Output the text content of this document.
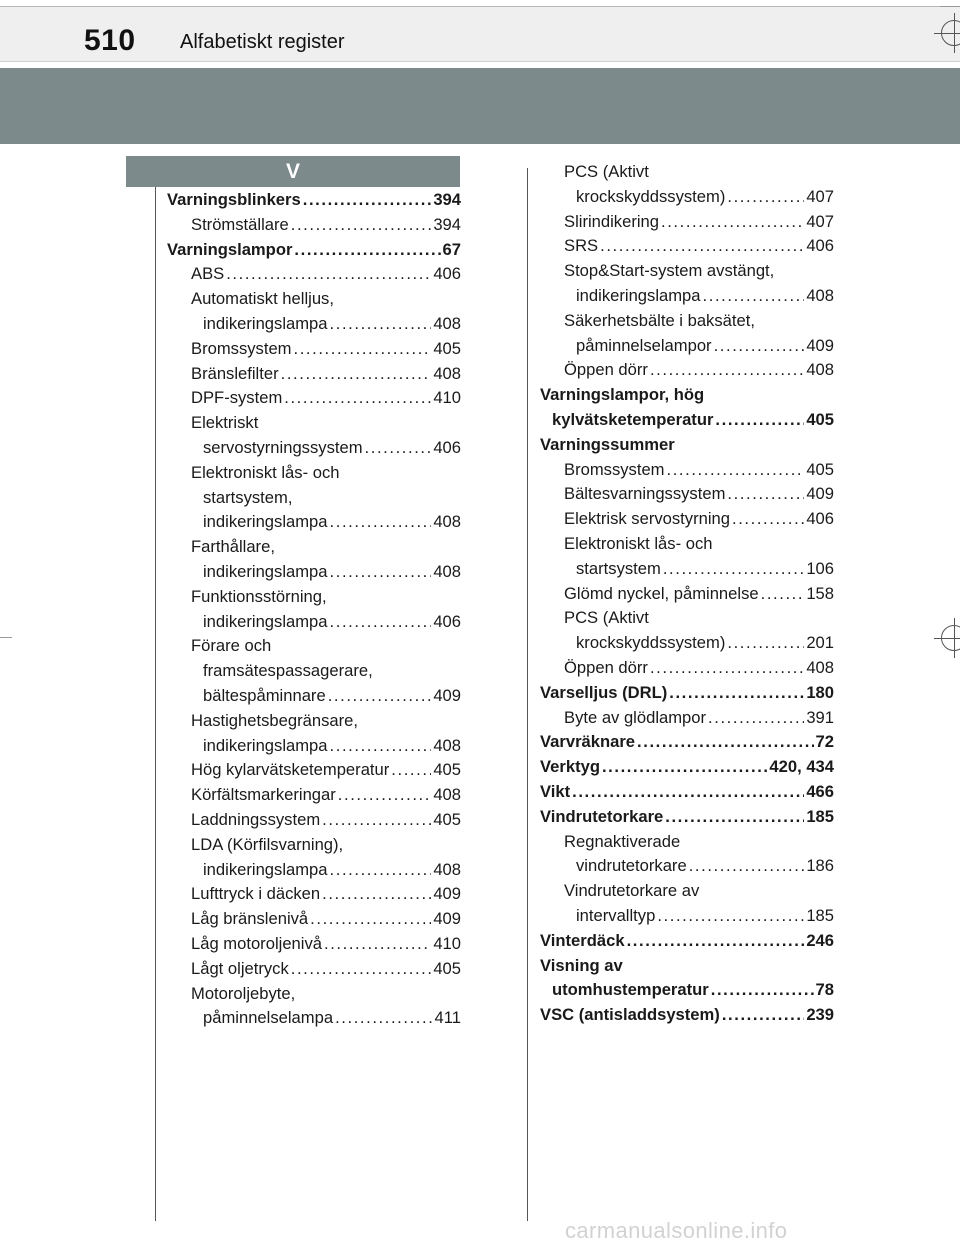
510 Alfabetiskt register
V
Varningsblinkers .....	394
Strömställare .....	394
Varningslampor .....	67
ABS .....	406
Automatiskt helljus,
indikeringslampa .....	408
Bromssystem .....	405
Bränslefilter .....	408
DPF-system .....	410
Elektriskt
servostyrningssystem .....	406
Elektroniskt lås- och
startsystem,
indikeringslampa .....	408
Farthållare,
indikeringslampa .....	408
Funktionsstörning,
indikeringslampa .....	406
Förare och
framsätespassagerare,
bältespåminnare .....	409
Hastighetsbegränsare,
indikeringslampa .....	408
Hög kylarvätsketemperatur .....	405
Körfältsmarkeringar .....	408
Laddningssystem .....	405
LDA (Körfilsvarning),
indikeringslampa .....	408
Lufttryck i däcken .....	409
Låg bränslenivå .....	409
Låg motoroljenivå .....	410
Lågt oljetryck .....	405
Motoroljebyte,
påminnelselampa .....	411
PCS (Aktivt
krockskyddssystem) .....	407
Slirindikering .....	407
SRS .....	406
Stop&Start-system avstängt,
indikeringslampa .....	408
Säkerhetsbälte i baksätet,
påminnelselampor .....	409
Öppen dörr .....	408
Varningslampor, hög
kylvätsketemperatur .....	405
Varningssummer
Bromssystem .....	405
Bältesvarningssystem .....	409
Elektrisk servostyrning .....	406
Elektroniskt lås- och
startsystem .....	106
Glömd nyckel, påminnelse .....	158
PCS (Aktivt
krockskyddssystem) .....	201
Öppen dörr .....	408
Varselljus (DRL) .....	180
Byte av glödlampor .....	391
Varvräknare .....	72
Verktyg .....	420, 434
Vikt .....	466
Vindrutetorkare .....	185
Regnaktiverade
vindrutetorkare .....	186
Vindrutetorkare av
intervalltyp .....	185
Vinterdäck .....	246
Visning av
utomhustemperatur .....	78
VSC (antisladdsystem) .....	239
carmanualsonline.info
